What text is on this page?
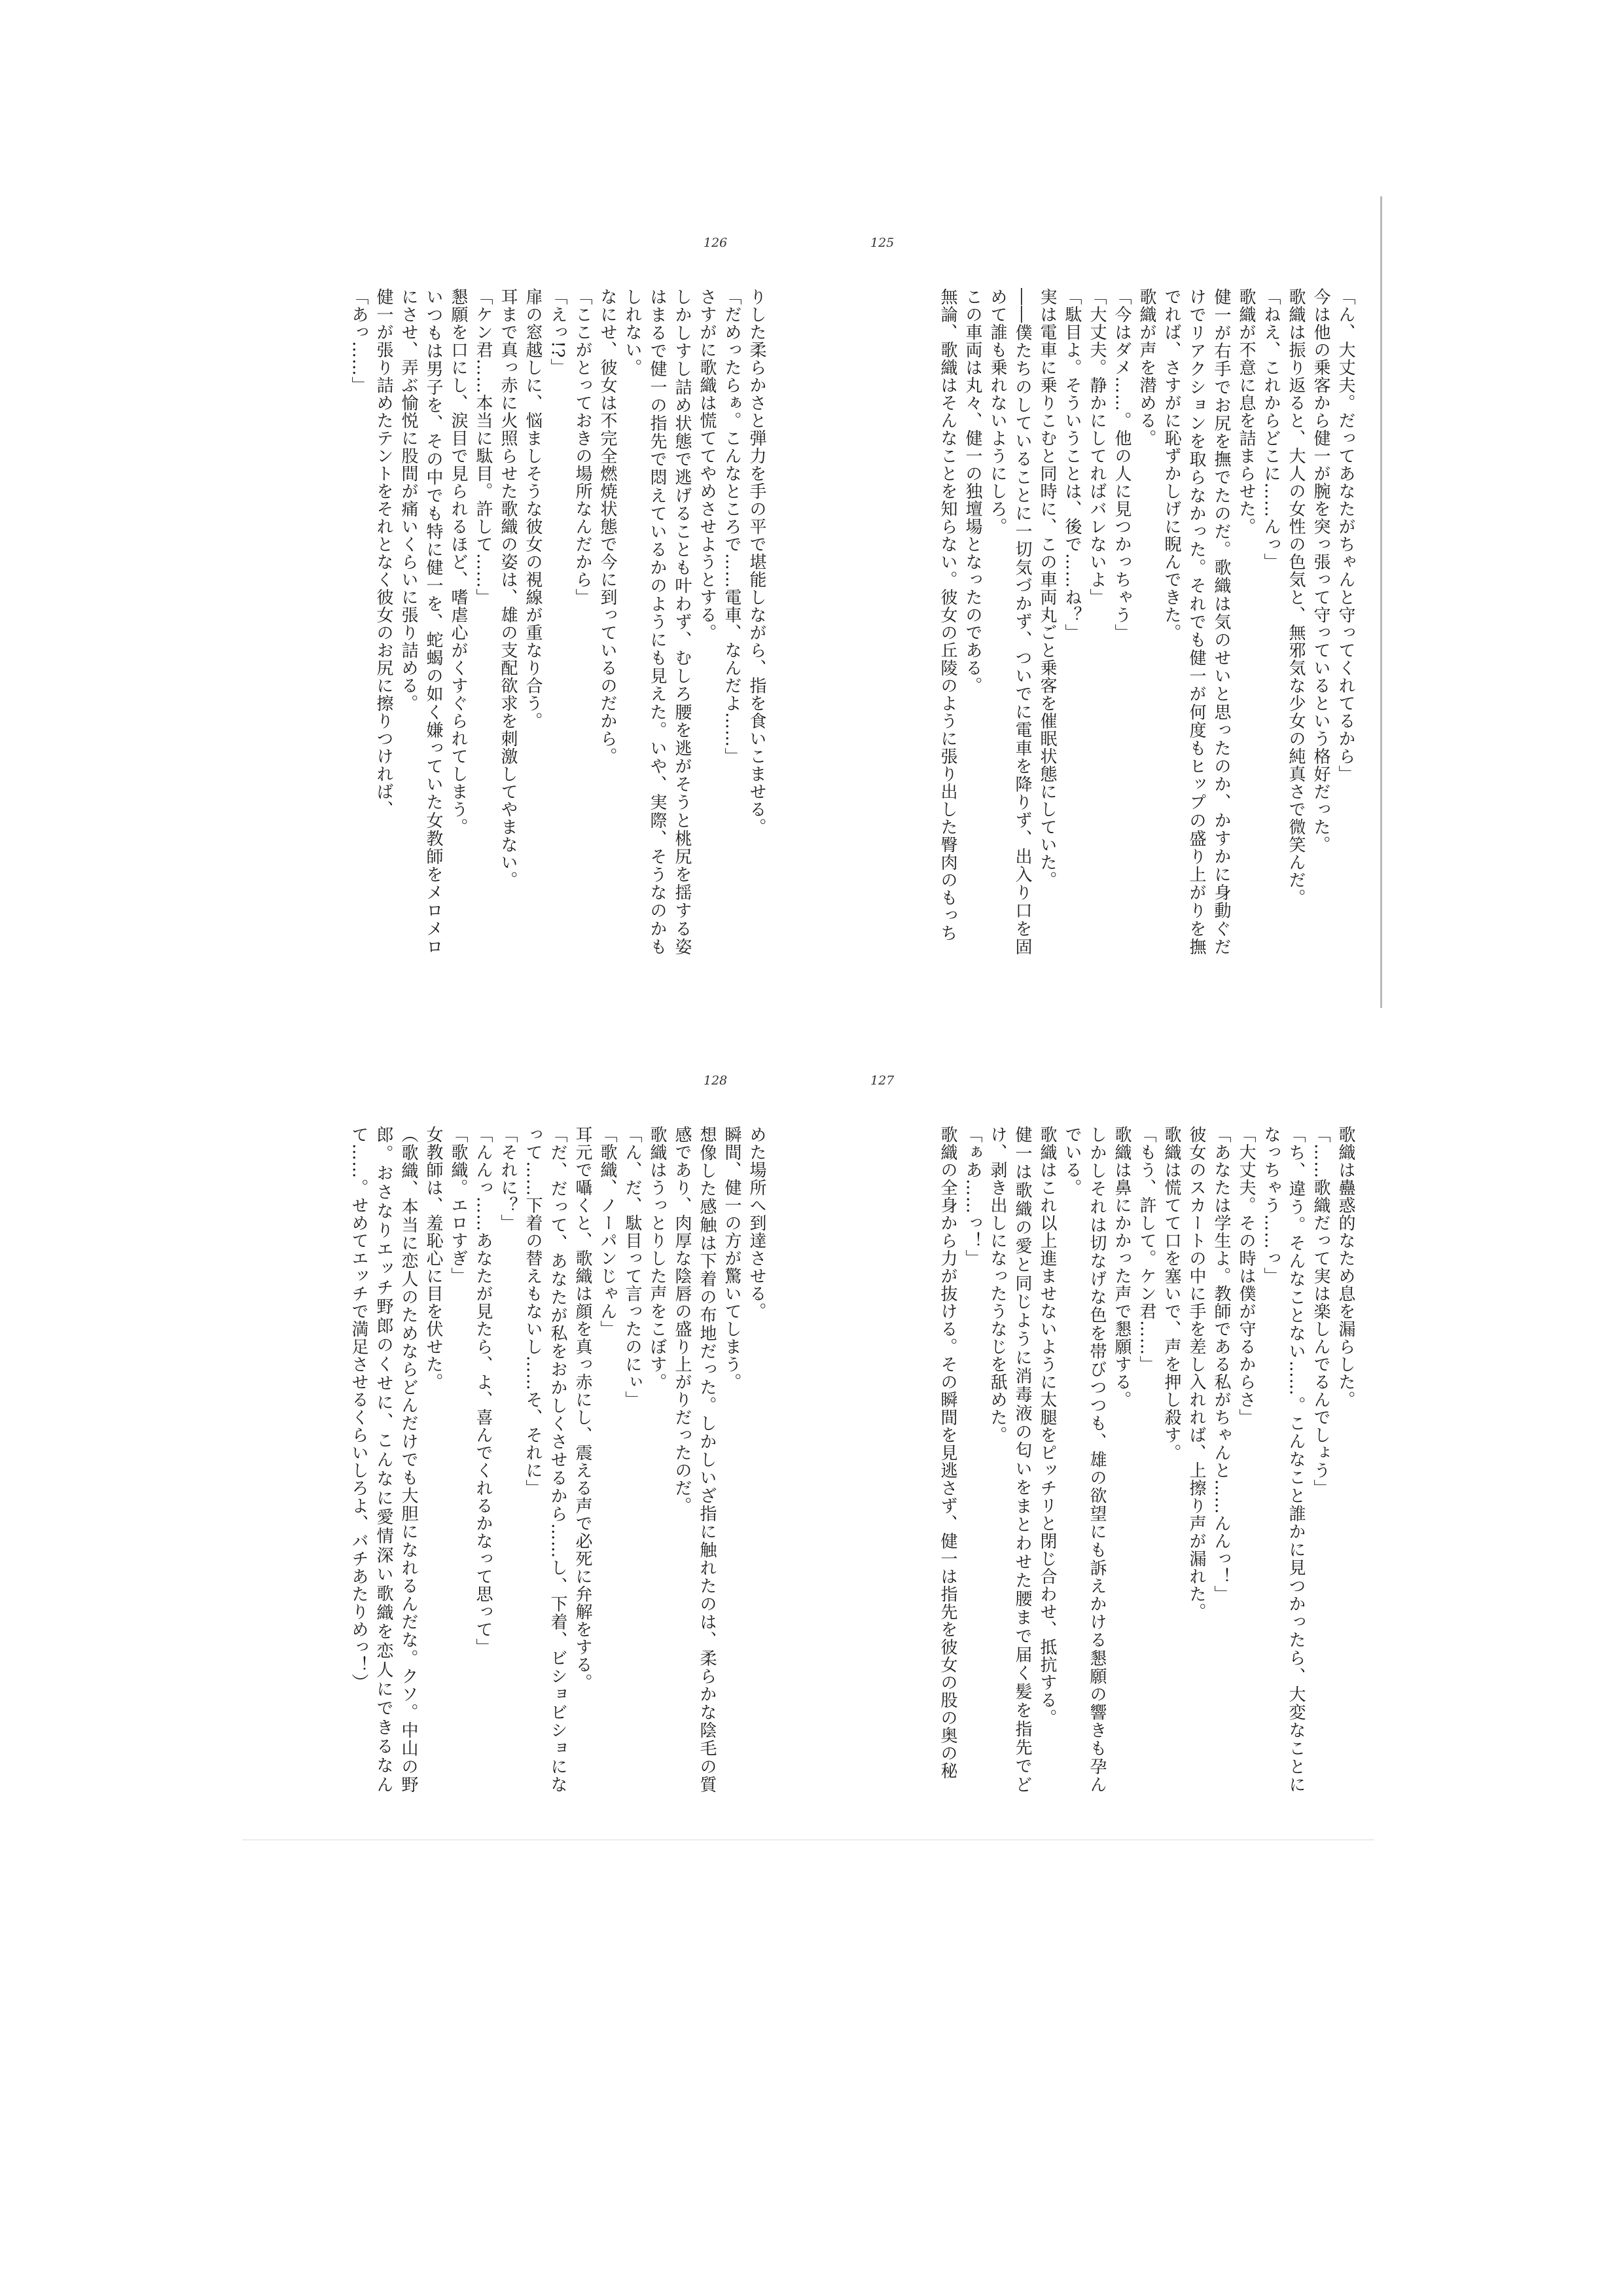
125

「ん、大丈夫。だってあなたがちゃんと守ってくれてるから」

今は他の乗客から健一が腕を突っ張って守っているという格好だった。

歌織は振り返ると、大人の女性の色気と、無邪気な少女の純真さで微笑んだ。

「ねえ、これからどこに……んっ」

歌織が不意に息を詰まらせた。

健一が右手でお尻を撫でたのだ。歌織は気のせいと思ったのか、かすかに身動ぐだけでリアクションを取らなかった。それでも健一が何度もヒップの盛り上がりを撫でれば、さすがに恥ずかしげに睨んできた。

歌織が声を潜める。

「今はダメ……。他の人に見つかっちゃう」

「大丈夫。静かにしてればバレないよ」

「駄目よ。そういうことは、後で……ね？」

実は電車に乗りこむと同時に、この車両丸ごと乗客を催眠状態にしていた。

――僕たちのしていることに一切気づかず、ついでに電車を降りず、出入り口を固めて誰も乗れないようにしろ。

この車両は丸々、健一の独壇場となったのである。

無論、歌織はそんなことを知らない。彼女の丘陵のように張り出した臀肉のもっち

126

りした柔らかさと弾力を手の平で堪能しながら、指を食いこませる。

「だめったらぁ。こんなところで……電車、なんだよ……」

さすがに歌織は慌ててやめさせようとする。

しかしすし詰め状態で逃げることも叶わず、むしろ腰を逃がそうと桃尻を揺する姿はまるで健一の指先で悶えているかのようにも見えた。いや、実際、そうなのかもしれない。

なにせ、彼女は不完全燃焼状態で今に到っているのだから。

「ここがとっておきの場所なんだから」

「えっ!?」

扉の窓越しに、悩ましそうな彼女の視線が重なり合う。

耳まで真っ赤に火照らせた歌織の姿は、雄の支配欲求を刺激してやまない。

「ケン君……本当に駄目。許して……」

懇願を口にし、涙目で見られるほど、嗜虐心がくすぐられてしまう。

いつもは男子を、その中でも特に健一を、蛇蝎の如く嫌っていた女教師をメロメロにさせ、弄ぶ愉悦に股間が痛いくらいに張り詰める。

健一が張り詰めたテントをそれとなく彼女のお尻に擦りつければ、

「あっ……」

127

歌織は蠱惑的なため息を漏らした。

「……歌織だって実は楽しんでるんでしょう」

「ち、違う。そんなことない……。こんなこと誰かに見つかったら、大変なことになっちゃう……っ」

「大丈夫。その時は僕が守るからさ」

「あなたは学生よ。教師である私がちゃんと……んんっ！」

彼女のスカートの中に手を差し入れれば、上擦り声が漏れた。

歌織は慌てて口を塞いで、声を押し殺す。

「もう、許して。ケン君……」

歌織は鼻にかかった声で懇願する。

しかしそれは切なげな色を帯びつつも、雄の欲望にも訴えかける懇願の響きも孕んでいる。

歌織はこれ以上進ませないように太腿をピッチリと閉じ合わせ、抵抗する。

健一は歌織の愛と同じように消毒液の匂いをまとわせた腰まで届く髪を指先でどけ、剥き出しになったうなじを舐めた。

「ぁあ……っ！」

歌織の全身から力が抜ける。その瞬間を見逃さず、健一は指先を彼女の股の奥の秘

128

めた場所へ到達させる。

瞬間、健一の方が驚いてしまう。

想像した感触は下着の布地だった。しかしいざ指に触れたのは、柔らかな陰毛の質感であり、肉厚な陰唇の盛り上がりだったのだ。

歌織はうっとりした声をこぼす。

「ん、だ、駄目って言ったのにぃ」

「歌織、ノーパンじゃん」

耳元で囁くと、歌織は顔を真っ赤にし、震える声で必死に弁解をする。

「だ、だって、あなたが私をおかしくさせるから……し、下着、ビショビショになって……下着の替えもないし……そ、それに」

「それに？」

「んんっ……あなたが見たら、よ、喜んでくれるかなって思って」

「歌織。エロすぎ」

女教師は、羞恥心に目を伏せた。

（歌織、本当に恋人のためならどんだけでも大胆になれるんだな。クソ。中山の野郎。おさなりエッチ野郎のくせに、こんなに愛情深い歌織を恋人にできるなんて……。せめてエッチで満足させるくらいしろよ、バチあたりめっ！）
